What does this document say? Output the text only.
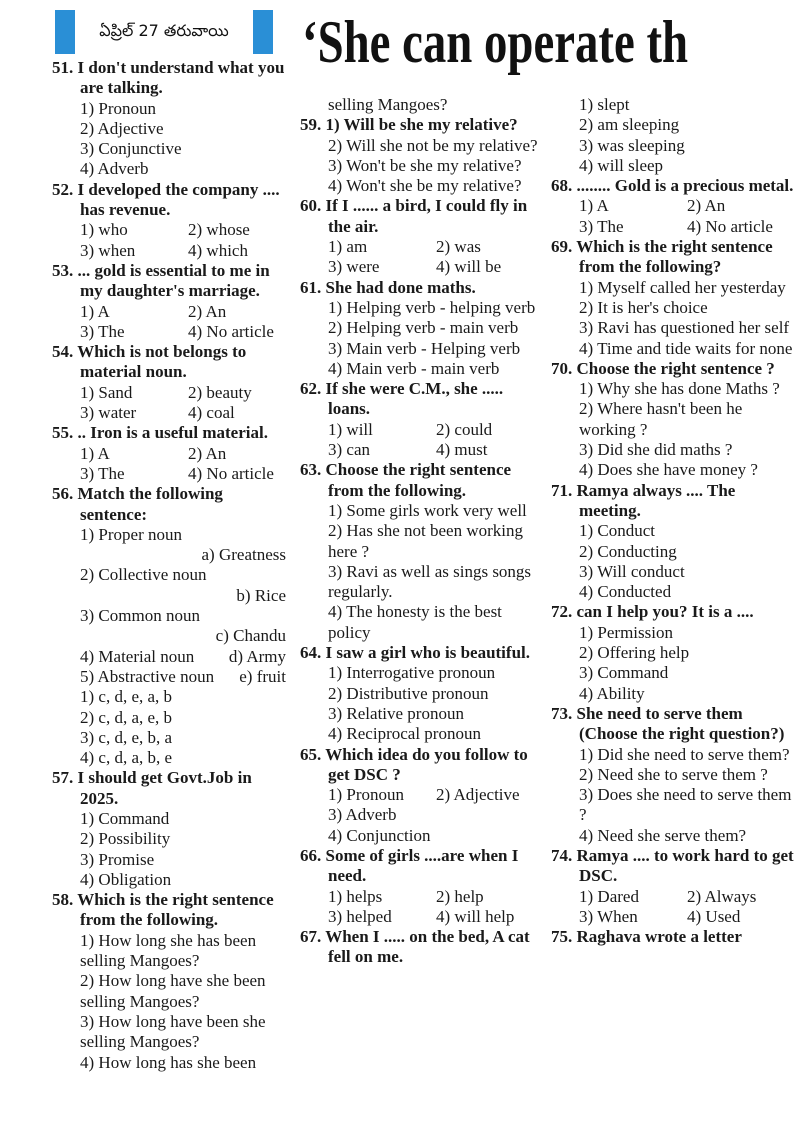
ఏప్రిల్ 27 తరువాయి	‘She can operate th
51. I don't understand what you are talking.
1) Pronoun
2) Adjective
3) Conjunctive
4) Adverb
52. I developed the company .... has revenue.
1) who	2) whose
3) when	4) which
53. ... gold is essential to me in my daughter's marriage.
1) A	2) An
3) The	4) No article
54. Which is not belongs to material noun.
1) Sand	2) beauty
3) water	4) coal
55. .. Iron is a useful material.
1) A	2) An
3) The	4) No article
56. Match the following sentence:
1) Proper noun
a) Greatness
2) Collective noun
b) Rice
3) Common noun
c) Chandu
4) Material noun d) Army
5) Abstractive noun e) fruit
1) c, d, e, a, b
2) c, d, a, e, b
3) c, d, e, b, a
4) c, d, a, b, e
57. I should get Govt.Job in 2025.
1) Command
2) Possibility
3) Promise
4) Obligation
58. Which is the right sentence from the following.
1) How long she has been selling Mangoes?
2) How long have she been selling Mangoes?
3) How long have been she selling Mangoes?
4) How long has she been
selling Mangoes?
59. 1) Will be she my relative?
2) Will she not be my relative?
3) Won't be she my relative?
4) Won't she be my relative?
60. If I ...... a bird, I could fly in the air.
1) am	2) was
3) were	4) will be
61. She had done maths.
1) Helping verb - helping verb
2) Helping verb - main verb
3) Main verb - Helping verb
4) Main verb - main verb
62. If she were C.M., she ..... loans.
1) will	2) could
3) can	4) must
63. Choose the right sentence from the following.
1) Some girls work very well
2) Has she not been working here ?
3) Ravi as well as sings songs regularly.
4) The honesty is the best policy
64. I saw a girl who is beautiful.
1) Interrogative pronoun
2) Distributive pronoun
3) Relative pronoun
4) Reciprocal pronoun
65. Which idea do you follow to get DSC ?
1) Pronoun	2) Adjective
3) Adverb
4) Conjunction
66. Some of girls ....are when I need.
1) helps	2) help
3) helped	4) will help
67. When I ..... on the bed, A cat fell on me.
1) slept
2) am sleeping
3) was sleeping
4) will sleep
68. ........ Gold is a precious metal.
1) A	2) An
3) The	4) No article
69. Which is the right sentence from the following?
1) Myself called her yesterday
2) It is her's choice
3) Ravi has questioned her self
4) Time and tide waits for none
70. Choose the right sentence ?
1) Why she has done Maths ?
2) Where hasn't been he working ?
3) Did she did maths ?
4) Does she have money ?
71. Ramya always .... The meeting.
1) Conduct
2) Conducting
3) Will conduct
4) Conducted
72. can I help you? It is a ....
1) Permission
2) Offering help
3) Command
4) Ability
73. She need to serve them (Choose the right question?)
1) Did she need to serve them?
2) Need she to serve them ?
3) Does she need to serve them ?
4) Need she serve them?
74. Ramya .... to work hard to get DSC.
1) Dared	2) Always
3) When	4) Used
75. Raghava wrote a letter
